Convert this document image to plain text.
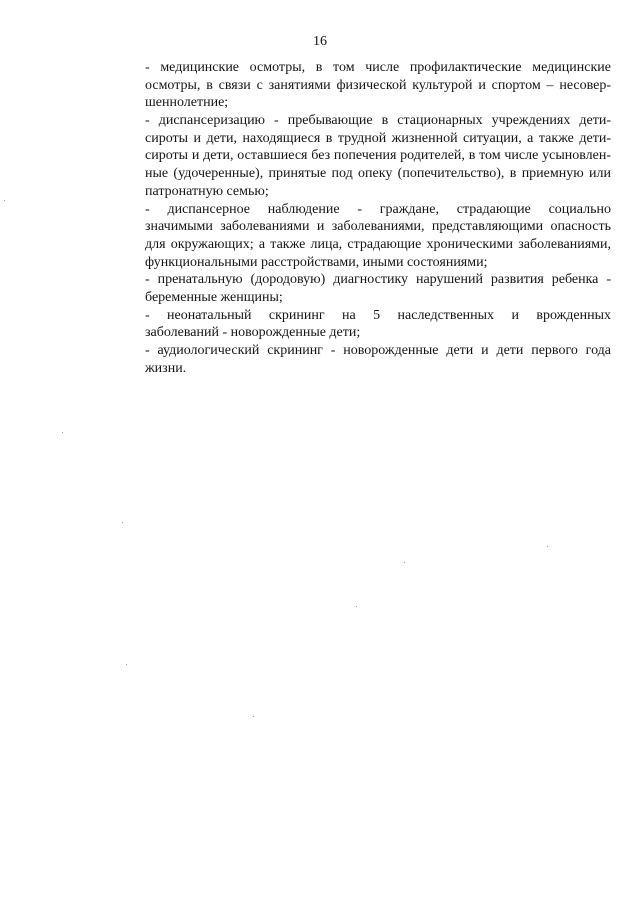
16

- медицинские осмотры, в том числе профилактические медицинские
осмотры, в связи с занятиями физической культурой и спортом – несовер-
шеннолетние;

- диспансеризацию - пребывающие в стационарных учреждениях дети-
сироты и дети, находящиеся в трудной жизненной ситуации, а также дети-
сироты и дети, оставшиеся без попечения родителей, в том числе усыновлен-
ные (удочеренные), принятые под опеку (попечительство), в приемную или
патронатную семью;

- диспансерное наблюдение - граждане, страдающие социально
значимыми заболеваниями и заболеваниями, представляющими опасность
для окружающих; а также лица, страдающие хроническими заболеваниями,
функциональными расстройствами, иными состояниями;

- пренатальную (дородовую) диагностику нарушений развития ребенка -
беременные женщины;

- неонатальный скрининг на 5 наследственных и врожденных
заболеваний - новорожденные дети;

- аудиологический скрининг - новорожденные дети и дети первого года
жизни.
